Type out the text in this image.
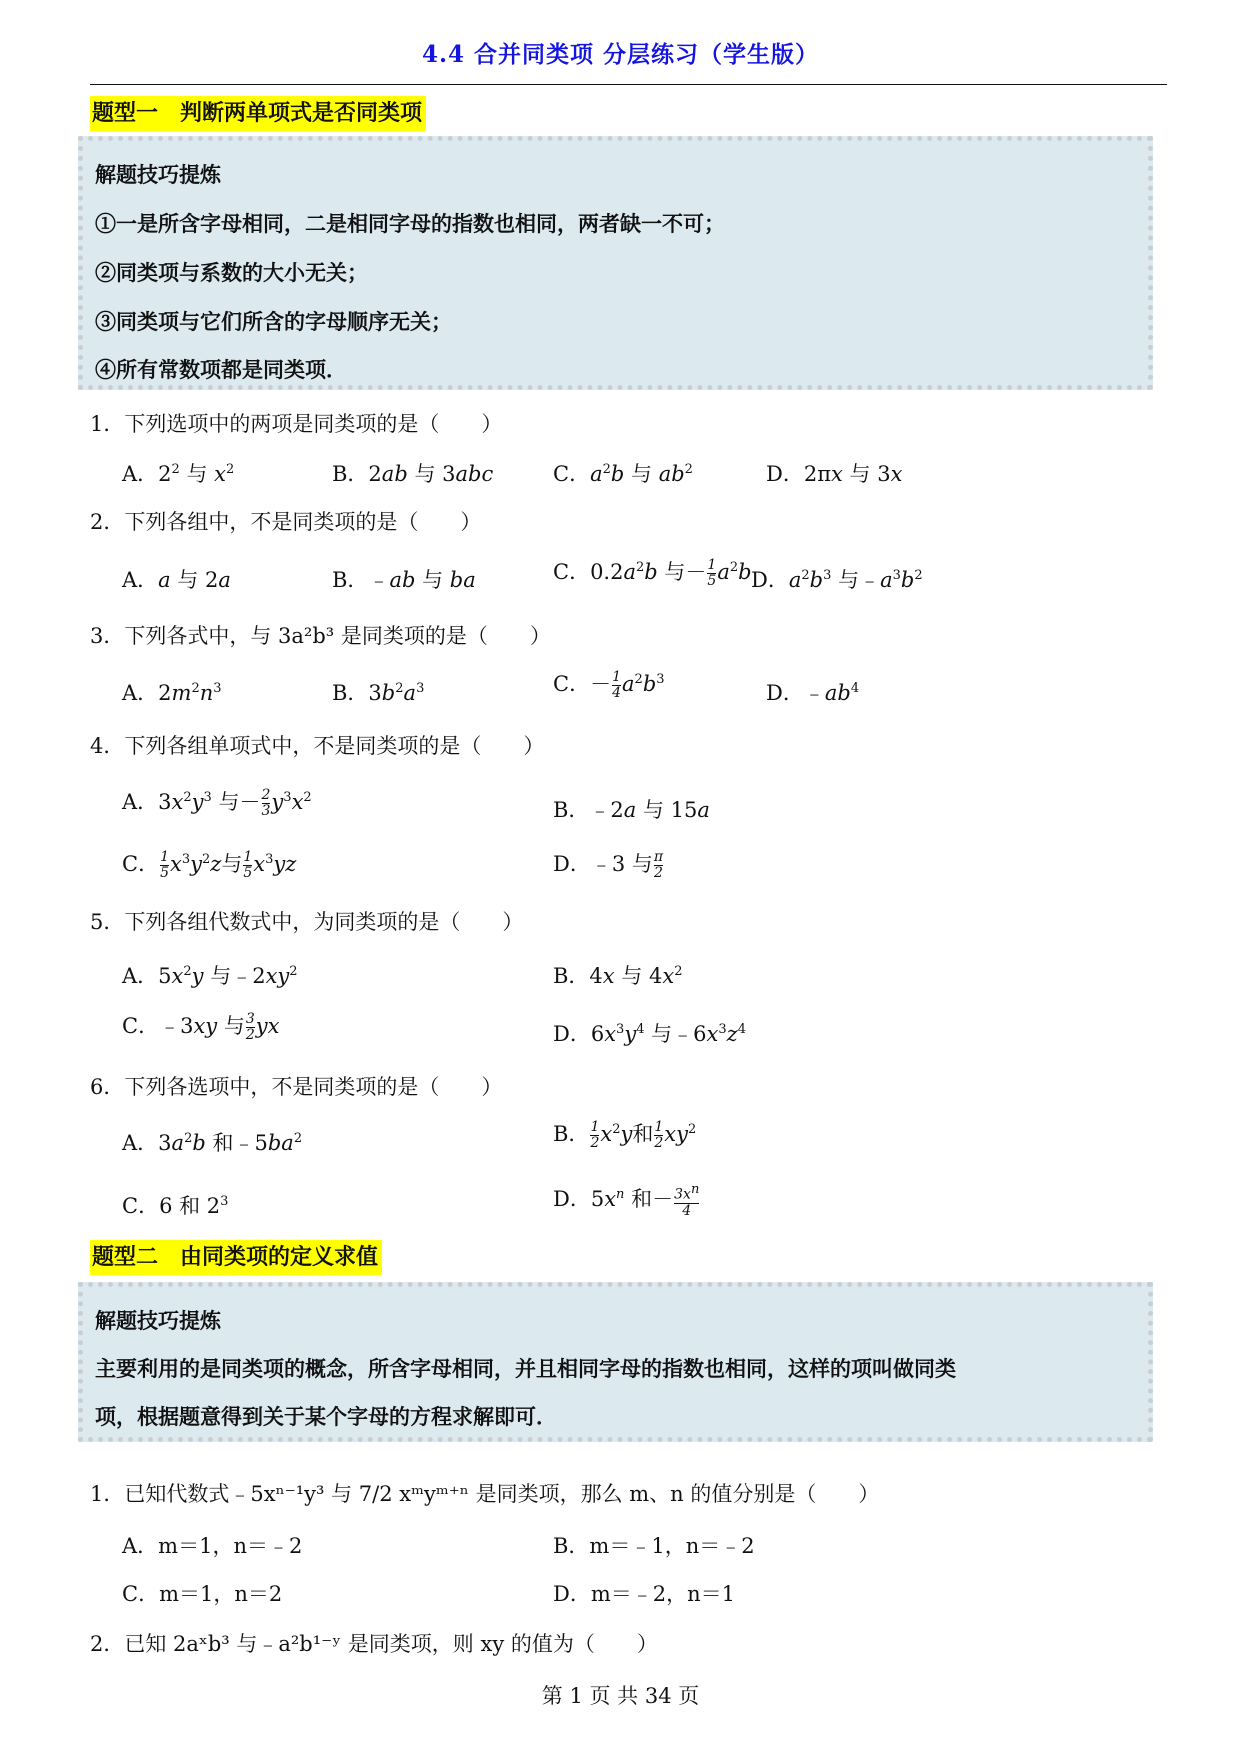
4.4 合并同类项 分层练习（学生版）
题型一　判断两单项式是否同类项
解题技巧提炼
①一是所含字母相同，二是相同字母的指数也相同，两者缺一不可；
②同类项与系数的大小无关；
③同类项与它们所含的字母顺序无关；
④所有常数项都是同类项．
1．下列选项中的两项是同类项的是（　　）
A．$2^2$ 与 $x^2$	B．2ab 与 3abc	C．$a^2b$ 与 $ab^2$	D．2πx 与 3x
2．下列各组中，不是同类项的是（　　）
A．a 与 2a	B．﹣ab 与 ba	C．$0.2a^2b$ 与－ $\frac{1}{5} a^2b$ D．$a^2b^3$ 与$﹣a^3b^2$
3．下列各式中，与 3a²b³ 是同类项的是（　　）
A．$2m^2n^3$	B．$3b^2a^3$	C．－ $\frac{1}{4} a^2b^3$
D．$﹣ab^4$
4．下列各组单项式中，不是同类项的是（　　）
A．$3x^2y^3$ 与－ $\frac{2}{3} y^3x^2$
B．﹣2a 与 15a
C． $\frac{1}{5} x^3y^2z$与 $\frac{1}{5} x^3yz$	D．﹣3 与 $\frac{\pi}{2}$
5．下列各组代数式中，为同类项的是（　　）
A．$5x^2y$ 与$﹣2xy^2$	B．4x 与 $4x^2$
C．﹣3xy 与 $\frac{3}{2}$ yx	D．$6x^3y^4$ 与$﹣6x^3z^4$
6．下列各选项中，不是同类项的是（　　）
A．$3a^2b$ 和$﹣5ba^2$	B． $\frac{1}{2} x^2y$和 $\frac{1}{2} xy^2$
C．6 和 $2^3$	D．$5x^n$ 和－ $\frac{3x^n}{4}$
题型二　由同类项的定义求值
解题技巧提炼
主要利用的是同类项的概念，所含字母相同，并且相同字母的指数也相同，这样的项叫做同类
项，根据题意得到关于某个字母的方程求解即可．
1．已知代数式﹣5xⁿ⁻¹y³ 与 7/2 xᵐyᵐ⁺ⁿ 是同类项，那么 m、n 的值分别是（　　）
A．m＝1，n＝﹣2	B．m＝﹣1，n＝﹣2
C．m＝1，n＝2	D．m＝﹣2，n＝1
2．已知 2aˣb³ 与﹣a²b¹⁻ʸ 是同类项，则 xy 的值为（　　）
第 1 页 共 34 页
